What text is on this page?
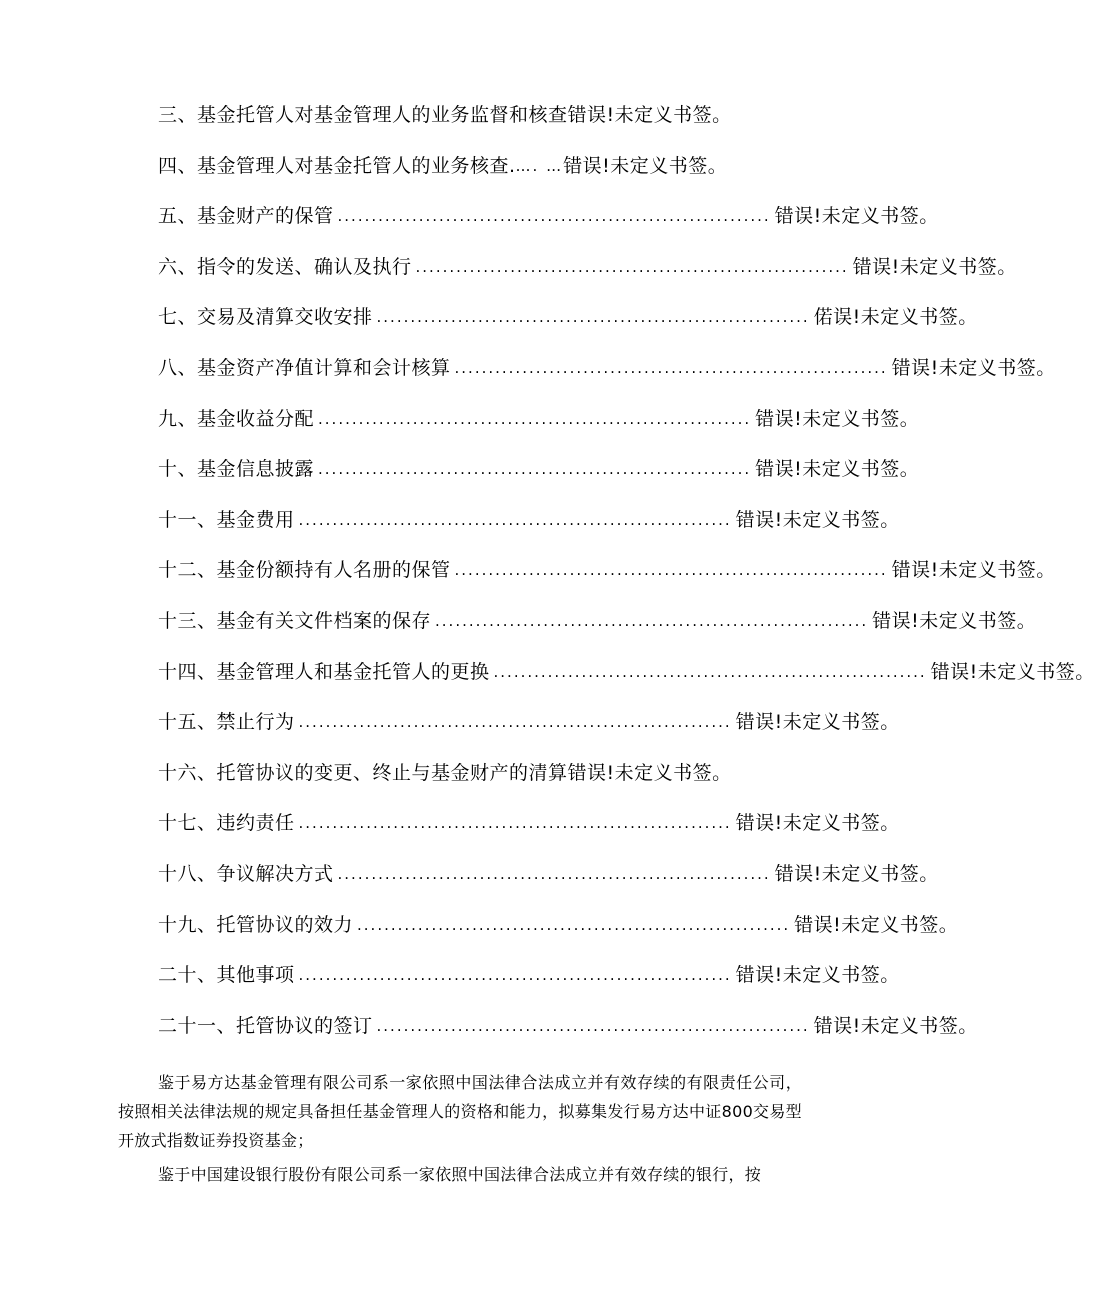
三、基金托管人对基金管理人的业务监督和核查 错误!未定义书签。
四、基金管理人对基金托管人的业务核查. …. … 错误!未定义书签。
五、基金财产的保管 ................................................................ 错误!未定义书签。
六、指令的发送、确认及执行 ................................................................ 错误!未定义书签。
七、交易及清算交收安排 ................................................................ 偌误!未定义书签。
八、基金资产净值计算和会计核算 ................................................................ 错误!未定义书签。
九、基金收益分配 ................................................................ 错误!未定义书签。
十、基金信息披露 ................................................................ 错误!未定义书签。
十一、基金费用 ................................................................ 错误!未定义书签。
十二、基金份额持有人名册的保管 ................................................................ 错误!未定义书签。
十三、基金有关文件档案的保存 ................................................................ 错误!未定义书签。
十四、基金管理人和基金托管人的更换 ................................................................ 错误!未定义书签。
十五、禁止行为 ................................................................ 错误!未定义书签。
十六、托管协议的变更、终止与基金财产的清算 错误!未定义书签。
十七、违约责任 ................................................................ 错误!未定义书签。
十八、争议解决方式 ................................................................ 错误!未定义书签。
十九、托管协议的效力 ................................................................ 错误!未定义书签。
二十、其他事项 ................................................................ 错误!未定义书签。
二十一、托管协议的签订 ................................................................ 错误!未定义书签。

鉴于易方达基金管理有限公司系一家依照中国法律合法成立并有效存续的有限责任公司，按照相关法律法规的规定具备担任基金管理人的资格和能力，拟募集发行易方达中证800交易型开放式指数证券投资基金；

鉴于中国建设银行股份有限公司系一家依照中国法律合法成立并有效存续的银行，按
